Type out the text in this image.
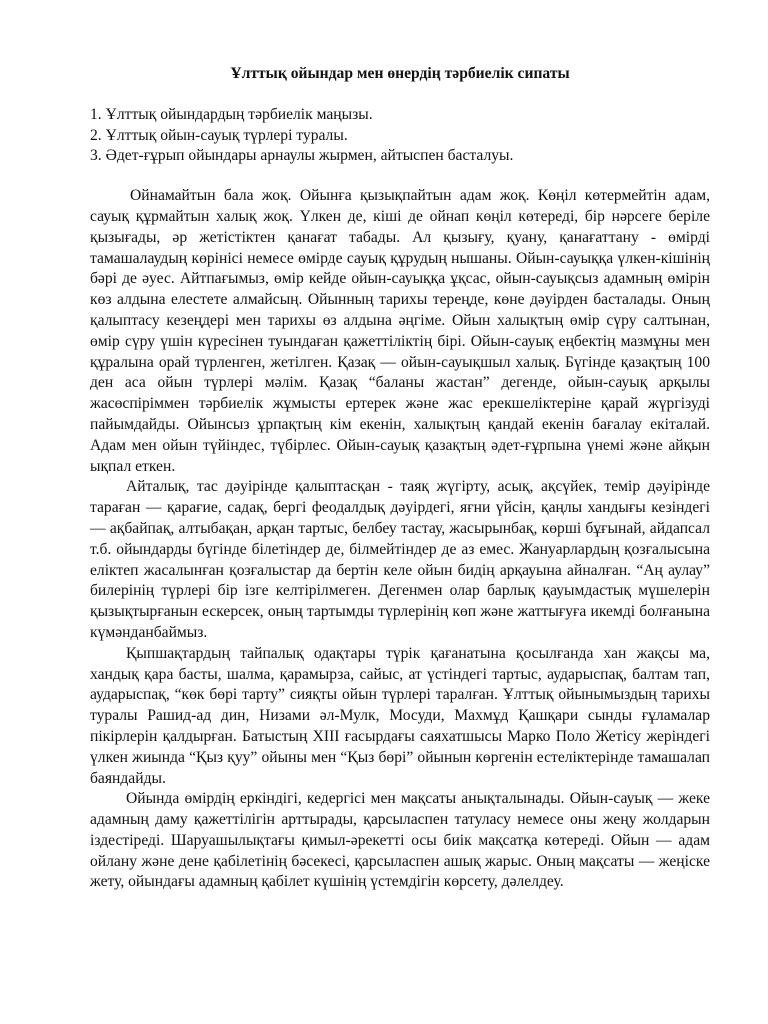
Ұлттық ойындар мен өнердің тәрбиелік сипаты
1. Ұлттық ойындардың тәрбиелік маңызы.
2. Ұлттық ойын-сауық түрлері туралы.
3. Әдет-ғұрып ойындары арнаулы жырмен, айтыспен басталуы.

Ойнамайтын бала жоқ. Ойынға қызықпайтын адам жоқ. Көңіл көтермейтін адам, сауық құрмайтын халық жоқ. Үлкен де, кіші де ойнап көңіл көтереді, бір нәрсеге беріле қызығады, әр жетістіктен қанағат табады. Ал қызығу, қуану, қанағаттану - өмірді тамашалаудың көрінісі немесе өмірде сауық құрудың нышаны. Ойын-сауыққа үлкен-кішінің бәрі де әуес. Айтпағымыз, өмір кейде ойын-сауыққа ұқсас, ойын-сауықсыз адамның өмірін көз алдына елестете алмайсың. Ойынның тарихы тереңде, көне дәуірден басталады. Оның қалыптасу кезеңдері мен тарихы өз алдына әңгіме. Ойын халықтың өмір сүру салтынан, өмір сүру үшін күресінен туындаған қажеттіліктің бірі. Ойын-сауық еңбектің мазмұны мен құралына орай түрленген, жетілген. Қазақ — ойын-сауықшыл халық. Бүгінде қазақтың 100 ден аса ойын түрлері мәлім. Қазақ “баланы жастан” дегенде, ойын-сауық арқылы жасөспіріммен тәрбиелік жұмысты ертерек және жас ерекшеліктеріне қарай жүргізуді пайымдайды. Ойынсыз ұрпақтың кім екенін, халықтың қандай екенін бағалау екіталай. Адам мен ойын түйіндес, түбірлес. Ойын-сауық қазақтың әдет-ғұрпына үнемі және айқын ықпал еткен.

Айталық, тас дәуірінде қалыптасқан - таяқ жүгірту, асық, ақсүйек, темір дәуірінде тараған — қарағие, садақ, бергі феодалдық дәуірдегі, яғни үйсін, қаңлы хандығы кезіндегі — ақбайпақ, алтыбақан, арқан тартыс, белбеу тастау, жасырынбақ, көрші бұғынай, айдапсал т.б. ойындарды бүгінде білетіндер де, білмейтіндер де аз емес. Жануарлардың қозғалысына еліктеп жасалынған қозғалыстар да бертін келе ойын бидің арқауына айналған. “Аң аулау” билерінің түрлері бір ізге келтірілмеген. Дегенмен олар барлық қауымдастық мүшелерін қызықтырғанын ескерсек, оның тартымды түрлерінің көп және жаттығуға икемді болғанына күмәнданбаймыз.

Қыпшақтардың тайпалық одақтары түрік қағанатына қосылғанда хан жақсы ма, хандық қара басты, шалма, қарамырза, сайыс, ат үстіндегі тартыс, аударыспақ, балтам тап, аударыспақ, “көк бөрі тарту” сияқты ойын түрлері таралған. Ұлттық ойынымыздың тарихы туралы Рашид-ад дин, Низами әл-Мулк, Мосуди, Махмұд Қашқари сынды ғұламалар пікірлерін қалдырған. Батыстың ХІІІ ғасырдағы саяхатшысы Марко Поло Жетісу жеріндегі үлкен жиында “Қыз қуу” ойыны мен “Қыз бөрі” ойынын көргенін естеліктерінде тамашалап баяндайды.

Ойында өмірдің еркіндігі, кедергісі мен мақсаты анықталынады. Ойын-сауық — жеке адамның даму қажеттілігін арттырады, қарсыласпен татуласу немесе оны жеңу жолдарын іздестіреді. Шаруашылықтағы қимыл-әрекетті осы биік мақсатқа көтереді. Ойын — адам ойлану және дене қабілетінің бәсекесі, қарсыласпен ашық жарыс. Оның мақсаты — жеңіске жету, ойындағы адамның қабілет күшінің үстемдігін көрсету, дәлелдеу.
